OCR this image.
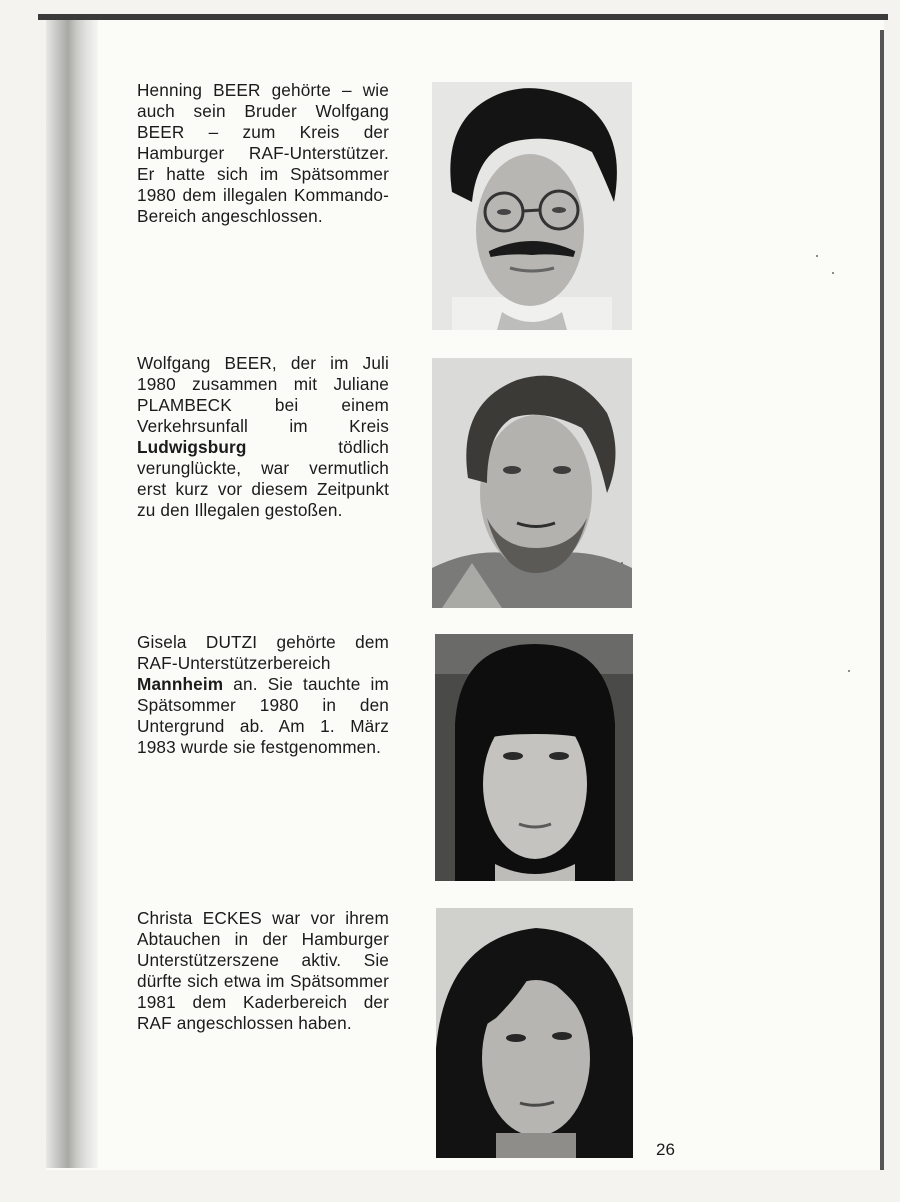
Henning BEER gehörte – wie auch sein Bruder Wolfgang BEER – zum Kreis der Hamburger RAF-Unterstützer. Er hatte sich im Spätsommer 1980 dem illegalen Kommando-Bereich angeschlossen.

Wolfgang BEER, der im Juli 1980 zusammen mit Juliane PLAMBECK bei einem Verkehrsunfall im Kreis Ludwigsburg tödlich verunglückte, war vermutlich erst kurz vor diesem Zeitpunkt zu den Illegalen gestoßen.

Gisela DUTZI gehörte dem RAF-Unterstützerbereich Mannheim an. Sie tauchte im Spätsommer 1980 in den Untergrund ab. Am 1. März 1983 wurde sie festgenommen.

Christa ECKES war vor ihrem Abtauchen in der Hamburger Unterstützerszene aktiv. Sie dürfte sich etwa im Spätsommer 1981 dem Kaderbereich der RAF angeschlossen haben.

26
